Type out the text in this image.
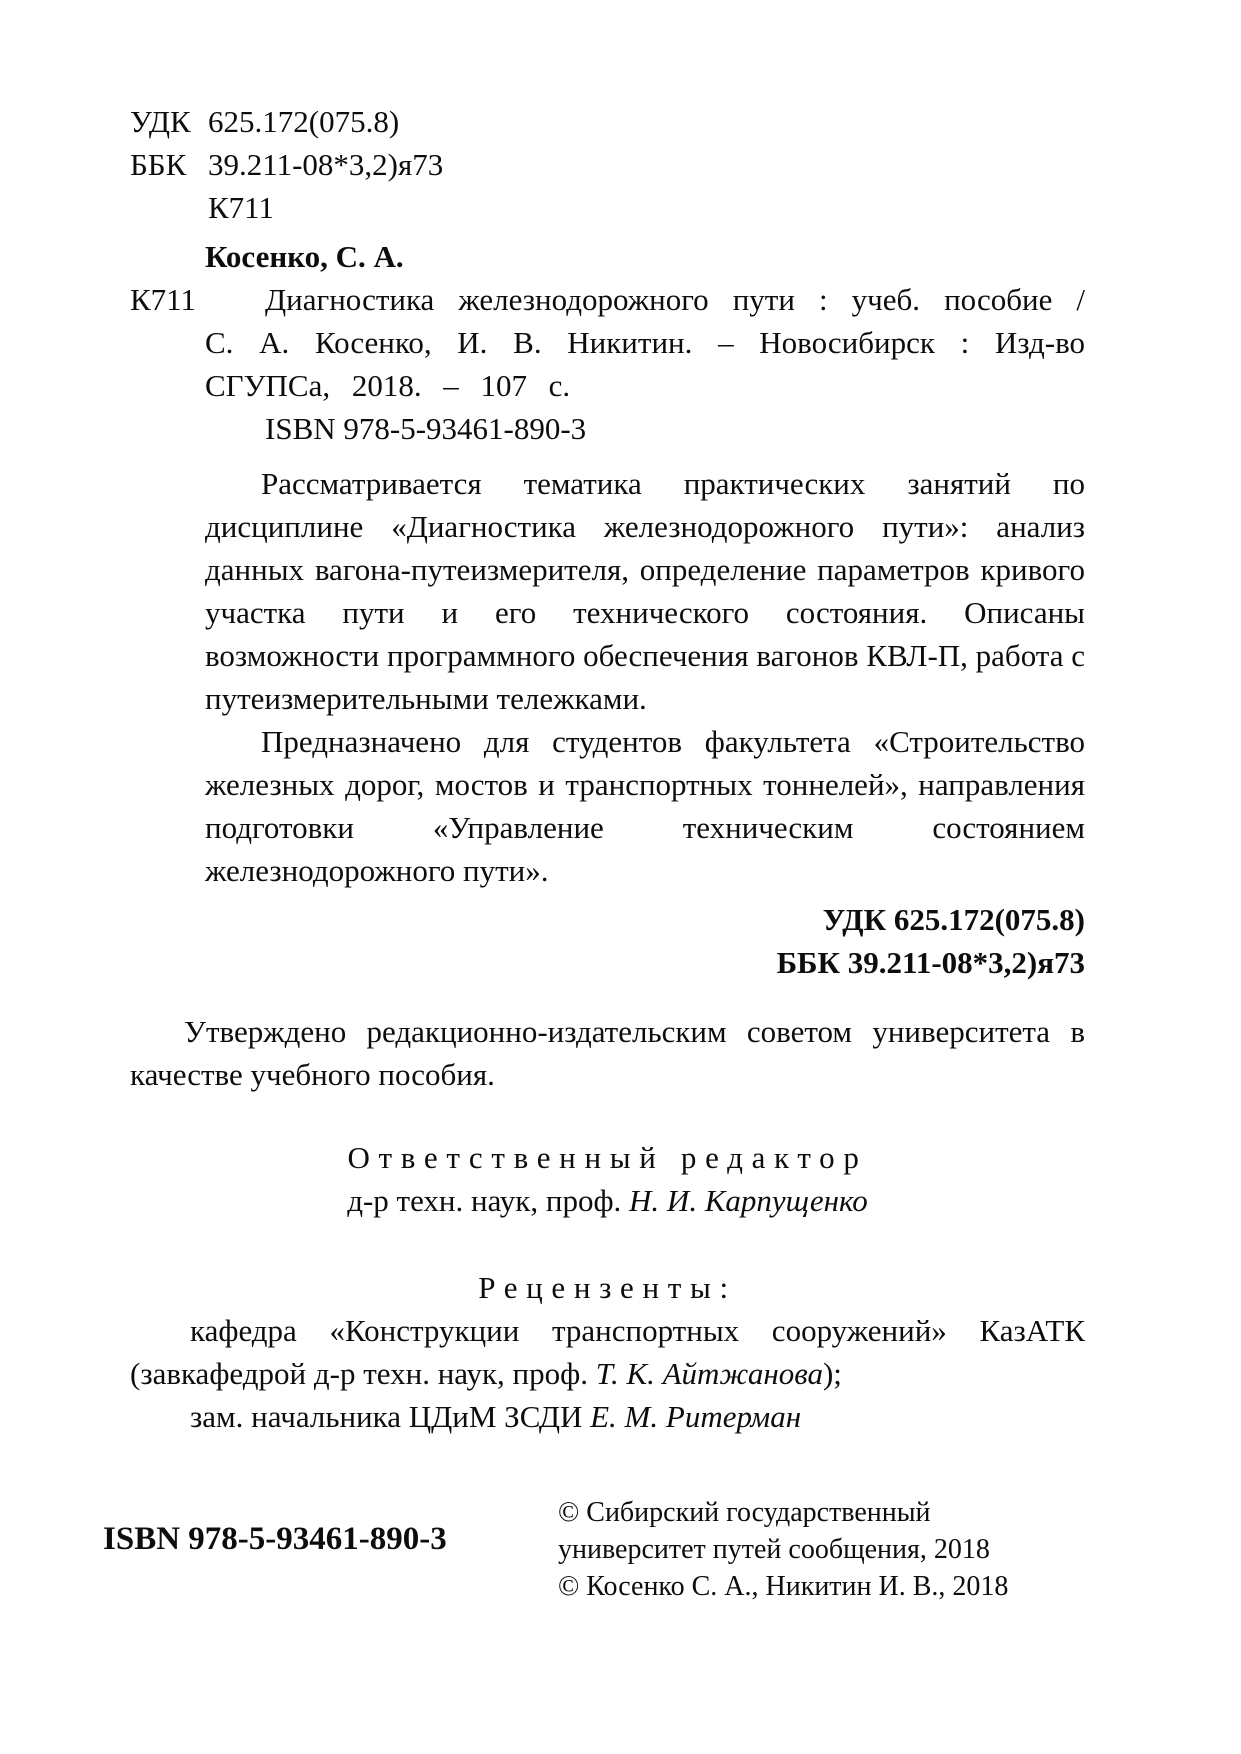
УДК 625.172(075.8)
ББК 39.211-08*3,2)я73
К711
Косенко, С. А.
К711	Диагностика железнодорожного пути : учеб. пособие / С. А. Косенко, И. В. Никитин. – Новосибирск : Изд-во СГУПСа, 2018. – 107 с.

ISBN 978-5-93461-890-3

Рассматривается тематика практических занятий по дисциплине «Диагностика железнодорожного пути»: анализ данных вагона-путеизмерителя, определение параметров кривого участка пути и его технического состояния. Описаны возможности программного обеспечения вагонов КВЛ-П, работа с путеизмерительными тележками.

Предназначено для студентов факультета «Строительство железных дорог, мостов и транспортных тоннелей», направления подготовки «Управление техническим состоянием железнодорожного пути».

УДК 625.172(075.8)
ББК 39.211-08*3,2)я73

Утверждено редакционно-издательским советом университета в качестве учебного пособия.

Ответственный редактор
д-р техн. наук, проф. Н. И. Карпущенко
Рецензенты:

кафедра «Конструкции транспортных сооружений» КазАТК (завкафедрой д-р техн. наук, проф. Т. К. Айтжанова);

зам. начальника ЦДиМ ЗСДИ Е. М. Ритерман

ISBN 978-5-93461-890-3
© Сибирский государственный
университет путей сообщения, 2018
© Косенко С. А., Никитин И. В., 2018
